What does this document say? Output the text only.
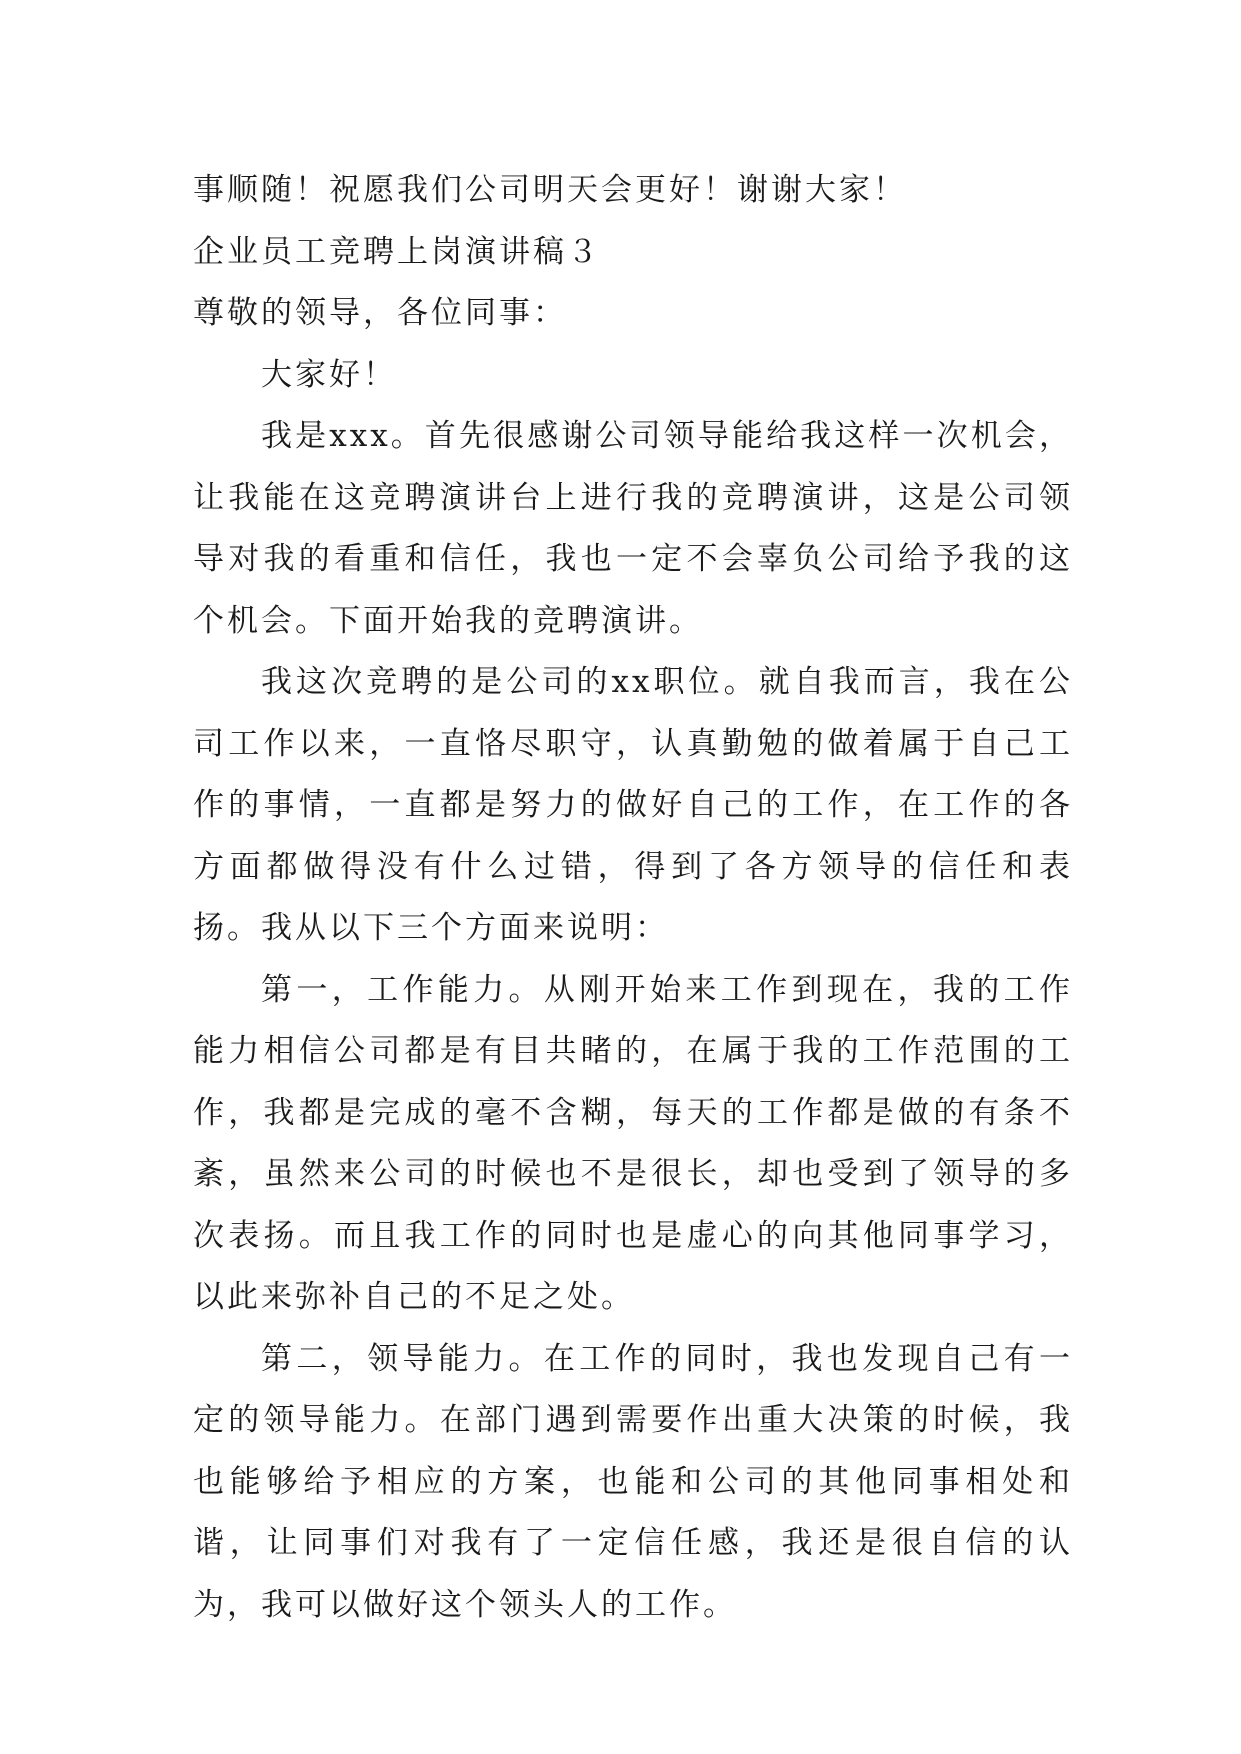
事顺随！祝愿我们公司明天会更好！谢谢大家！
企业员工竞聘上岗演讲稿３
尊敬的领导，各位同事：

大家好！

我是xxx。首先很感谢公司领导能给我这样一次机会，让我能在这竞聘演讲台上进行我的竞聘演讲，这是公司领导对我的看重和信任，我也一定不会辜负公司给予我的这个机会。下面开始我的竞聘演讲。

我这次竞聘的是公司的xx职位。就自我而言，我在公司工作以来，一直恪尽职守，认真勤勉的做着属于自己工作的事情，一直都是努力的做好自己的工作，在工作的各方面都做得没有什么过错，得到了各方领导的信任和表扬。我从以下三个方面来说明：

第一，工作能力。从刚开始来工作到现在，我的工作能力相信公司都是有目共睹的，在属于我的工作范围的工作，我都是完成的毫不含糊，每天的工作都是做的有条不紊，虽然来公司的时候也不是很长，却也受到了领导的多次表扬。而且我工作的同时也是虚心的向其他同事学习，以此来弥补自己的不足之处。

第二，领导能力。在工作的同时，我也发现自己有一定的领导能力。在部门遇到需要作出重大决策的时候，我也能够给予相应的方案，也能和公司的其他同事相处和谐，让同事们对我有了一定信任感，我还是很自信的认为，我可以做好这个领头人的工作。
